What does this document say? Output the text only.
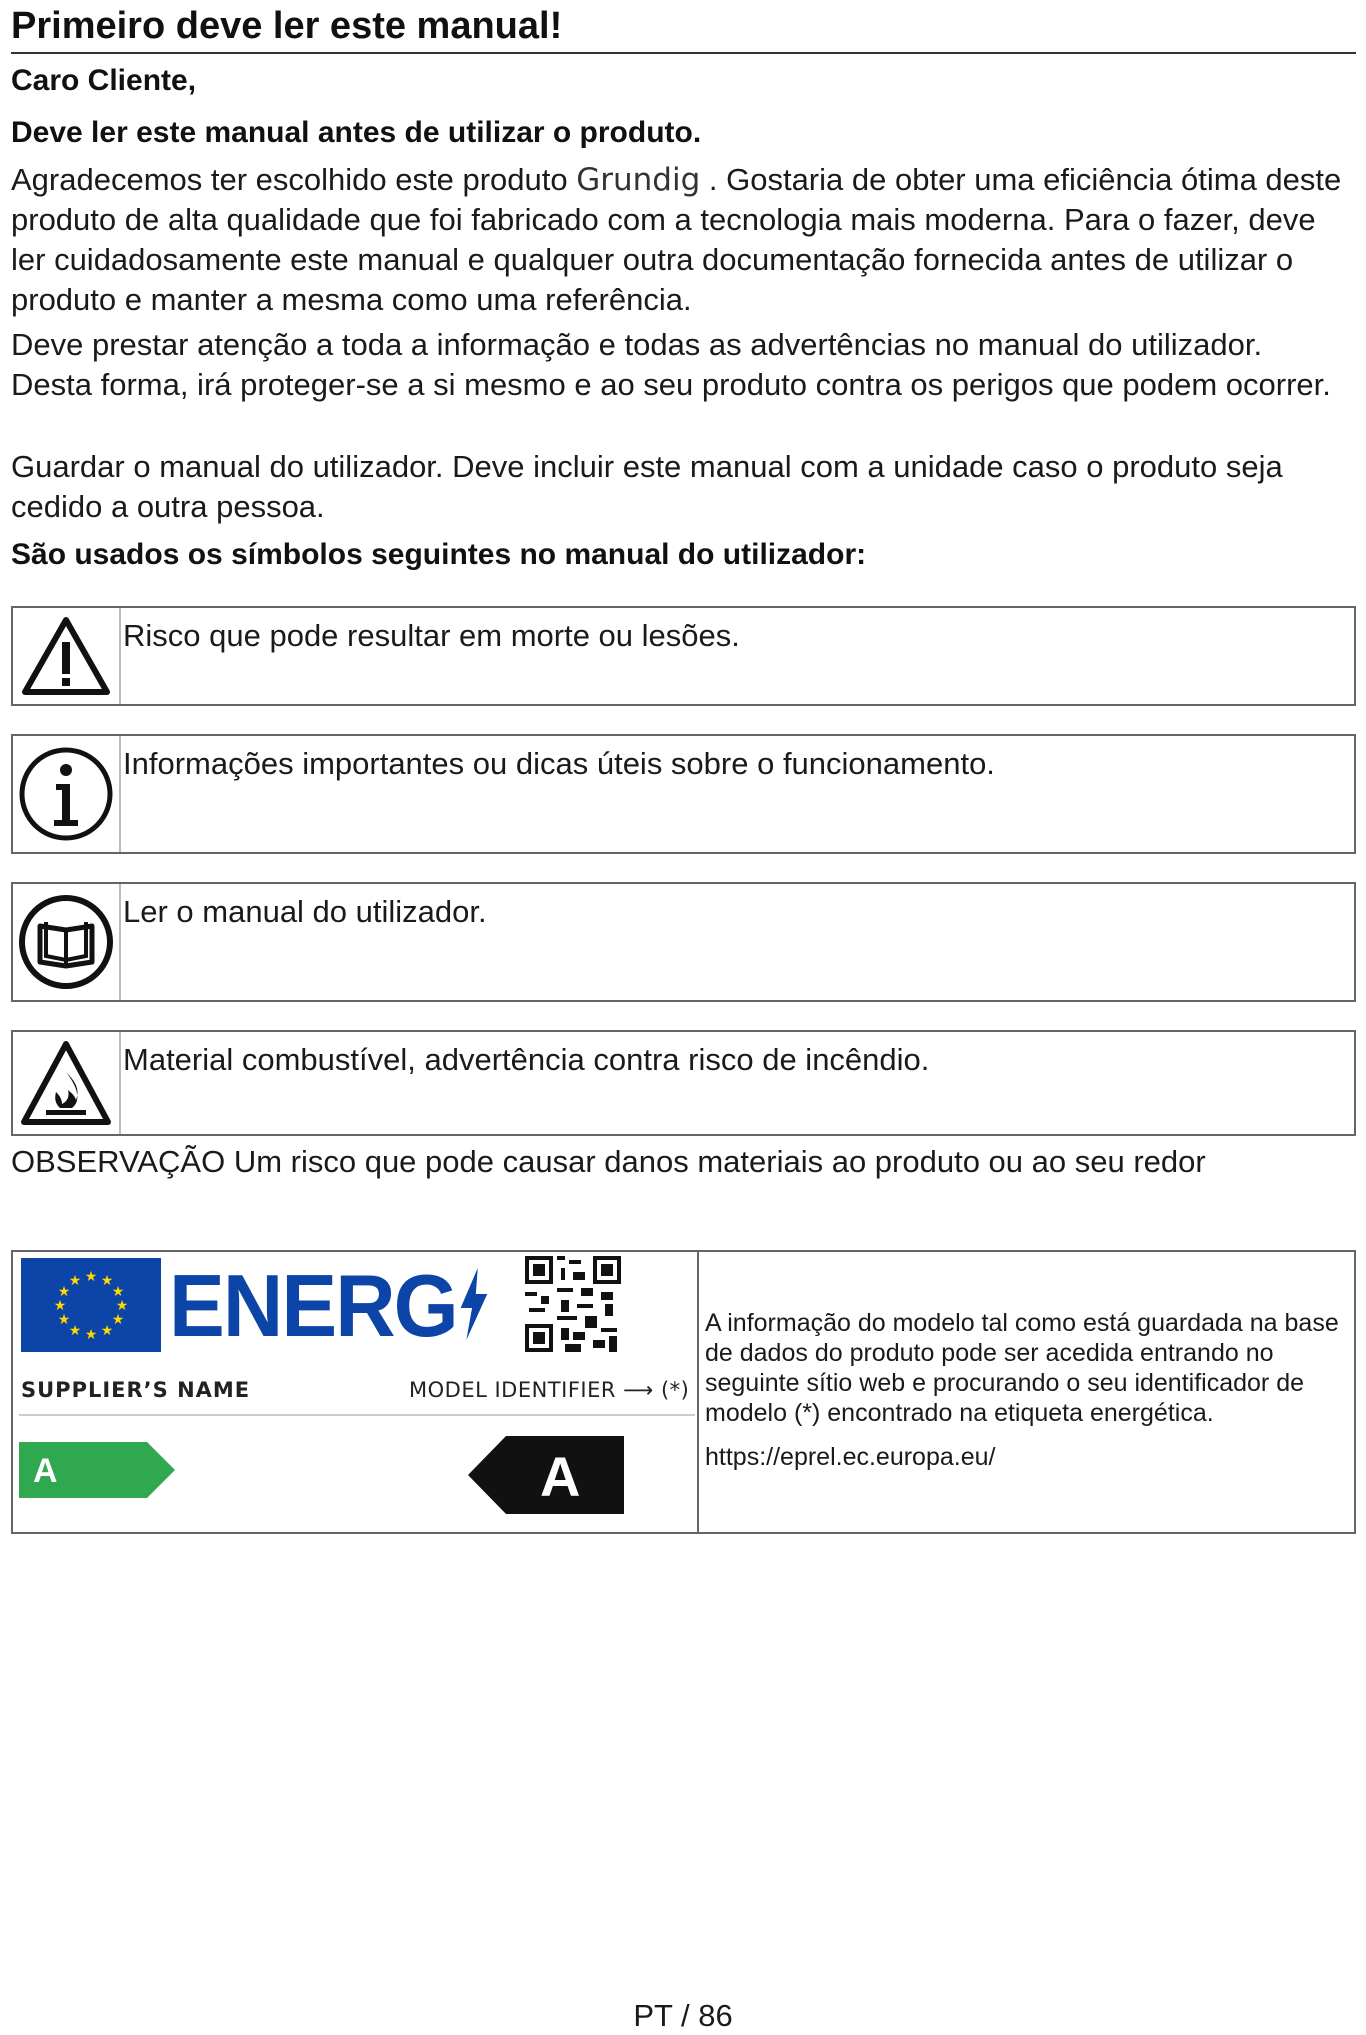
Primeiro deve ler este manual!
Caro Cliente,
Deve ler este manual antes de utilizar o produto.
Agradecemos ter escolhido este produto Grundig . Gostaria de obter uma eficiência ótima deste produto de alta qualidade que foi fabricado com a tecnologia mais moderna. Para o fazer, deve ler cuidadosamente este manual e qualquer outra documentação fornecida antes de utilizar o produto e manter a mesma como uma referência.
Deve prestar atenção a toda a informação e todas as advertências no manual do utilizador. Desta forma, irá proteger-se a si mesmo e ao seu produto contra os perigos que podem ocorrer.
Guardar o manual do utilizador. Deve incluir este manual com a unidade caso o produto seja cedido a outra pessoa.
São usados os símbolos seguintes no manual do utilizador:
Risco que pode resultar em morte ou lesões.
Informações importantes ou dicas úteis sobre o funcionamento.
Ler o manual do utilizador.
Material combustível, advertência contra risco de incêndio.
OBSERVAÇÃO Um risco que pode causar danos materiais ao produto ou ao seu redor
★ ★
★
★
★
★
★
★
★
★
★
★ ENERG
SUPPLIER’S NAME	MODEL IDENTIFIER ⟶ (*)
A	A
A informação do modelo tal como está guardada na base de dados do produto pode ser acedida entrando no seguinte sítio web e procurando o seu identificador de modelo (*) encontrado na etiqueta energética.
https://eprel.ec.europa.eu/
PT / 86
